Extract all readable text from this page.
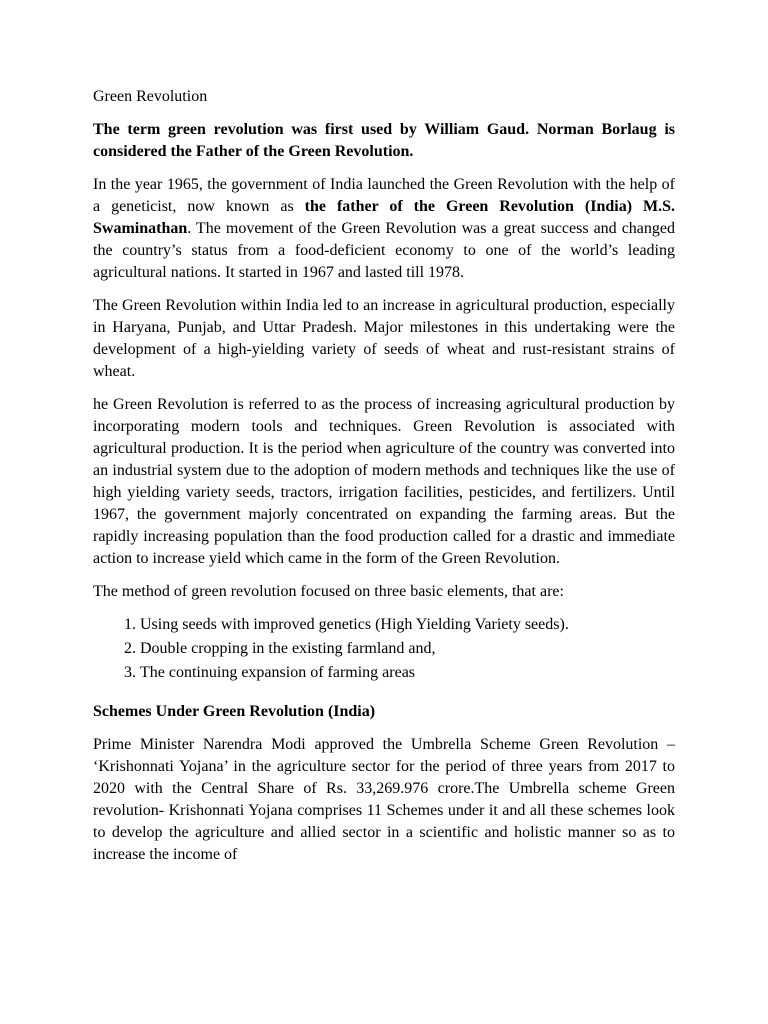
Green Revolution

The term green revolution was first used by William Gaud. Norman Borlaug is considered the Father of the Green Revolution.

In the year 1965, the government of India launched the Green Revolution with the help of a geneticist, now known as the father of the Green Revolution (India) M.S. Swaminathan. The movement of the Green Revolution was a great success and changed the country’s status from a food-deficient economy to one of the world’s leading agricultural nations. It started in 1967 and lasted till 1978.

The Green Revolution within India led to an increase in agricultural production, especially in Haryana, Punjab, and Uttar Pradesh. Major milestones in this undertaking were the development of a high-yielding variety of seeds of wheat and rust-resistant strains of wheat.

he Green Revolution is referred to as the process of increasing agricultural production by incorporating modern tools and techniques. Green Revolution is associated with agricultural production. It is the period when agriculture of the country was converted into an industrial system due to the adoption of modern methods and techniques like the use of high yielding variety seeds, tractors, irrigation facilities, pesticides, and fertilizers. Until 1967, the government majorly concentrated on expanding the farming areas. But the rapidly increasing population than the food production called for a drastic and immediate action to increase yield which came in the form of the Green Revolution.

The method of green revolution focused on three basic elements, that are:

1. Using seeds with improved genetics (High Yielding Variety seeds).
2. Double cropping in the existing farmland and,
3. The continuing expansion of farming areas
Schemes Under Green Revolution (India)

Prime Minister Narendra Modi approved the Umbrella Scheme Green Revolution – ‘Krishonnati Yojana’ in the agriculture sector for the period of three years from 2017 to 2020 with the Central Share of Rs. 33,269.976 crore.The Umbrella scheme Green revolution- Krishonnati Yojana comprises 11 Schemes under it and all these schemes look to develop the agriculture and allied sector in a scientific and holistic manner so as to increase the income of
